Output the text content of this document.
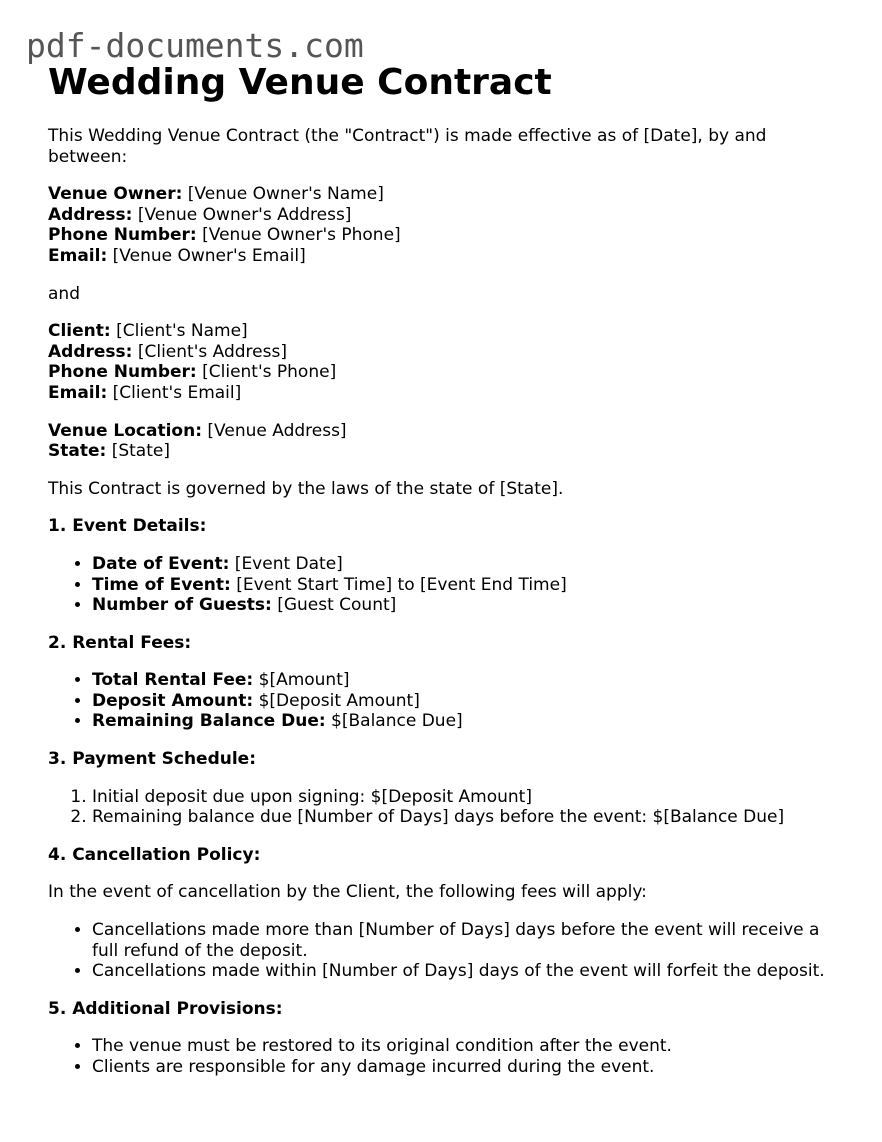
pdf-documents.com
Wedding Venue Contract

This Wedding Venue Contract (the "Contract") is made effective as of [Date], by and between:

Venue Owner: [Venue Owner's Name]
Address: [Venue Owner's Address]
Phone Number: [Venue Owner's Phone]
Email: [Venue Owner's Email]

and

Client: [Client's Name]
Address: [Client's Address]
Phone Number: [Client's Phone]
Email: [Client's Email]
Venue Location: [Venue Address]
State: [State]

This Contract is governed by the laws of the state of [State].

1. Event Details:
• Date of Event: [Event Date]
• Time of Event: [Event Start Time] to [Event End Time]
• Number of Guests: [Guest Count]
2. Rental Fees:
• Total Rental Fee: $[Amount]
• Deposit Amount: $[Deposit Amount]
• Remaining Balance Due: $[Balance Due]
3. Payment Schedule:
1. Initial deposit due upon signing: $[Deposit Amount]
2. Remaining balance due [Number of Days] days before the event: $[Balance Due]
4. Cancellation Policy:

In the event of cancellation by the Client, the following fees will apply:

• Cancellations made more than [Number of Days] days before the event will receive a full refund of the deposit.
• Cancellations made within [Number of Days] days of the event will forfeit the deposit.
5. Additional Provisions:
• The venue must be restored to its original condition after the event.
• Clients are responsible for any damage incurred during the event.
